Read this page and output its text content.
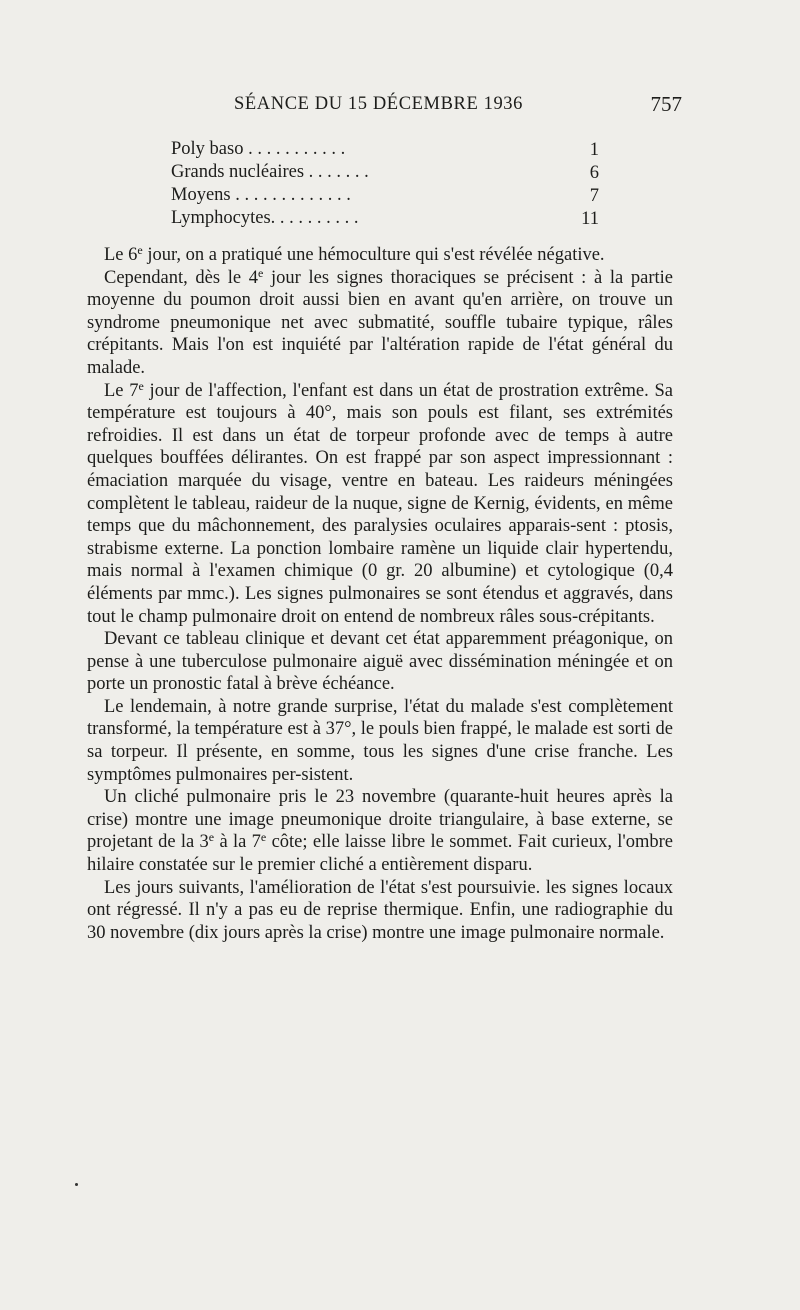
SÉANCE DU 15 DÉCEMBRE 1936	757
Poly baso . . . . . . . . . . .	1
Grands nucléaires . . . . . . .	6
Moyens . . . . . . . . . . . . .	7
Lymphocytes. . . . . . . . . .	11

Le 6e jour, on a pratiqué une hémoculture qui s'est révélée négative.

Cependant, dès le 4e jour les signes thoraciques se précisent : à la partie moyenne du poumon droit aussi bien en avant qu'en arrière, on trouve un syndrome pneumonique net avec submatité, souffle tubaire typique, râles crépitants. Mais l'on est inquiété par l'altération rapide de l'état général du malade.

Le 7e jour de l'affection, l'enfant est dans un état de prostration extrême. Sa température est toujours à 40°, mais son pouls est filant, ses extrémités refroidies. Il est dans un état de torpeur profonde avec de temps à autre quelques bouffées délirantes. On est frappé par son aspect impressionnant : émaciation marquée du visage, ventre en bateau. Les raideurs méningées complètent le tableau, raideur de la nuque, signe de Kernig, évidents, en même temps que du mâchonnement, des paralysies oculaires apparais-sent : ptosis, strabisme externe. La ponction lombaire ramène un liquide clair hypertendu, mais normal à l'examen chimique (0 gr. 20 albumine) et cytologique (0,4 éléments par mmc.). Les signes pulmonaires se sont étendus et aggravés, dans tout le champ pulmonaire droit on entend de nombreux râles sous-crépitants.

Devant ce tableau clinique et devant cet état apparemment préagonique, on pense à une tuberculose pulmonaire aiguë avec dissémination méningée et on porte un pronostic fatal à brève échéance.

Le lendemain, à notre grande surprise, l'état du malade s'est complètement transformé, la température est à 37°, le pouls bien frappé, le malade est sorti de sa torpeur. Il présente, en somme, tous les signes d'une crise franche. Les symptômes pulmonaires per-sistent.

Un cliché pulmonaire pris le 23 novembre (quarante-huit heures après la crise) montre une image pneumonique droite triangulaire, à base externe, se projetant de la 3e à la 7e côte; elle laisse libre le sommet. Fait curieux, l'ombre hilaire constatée sur le premier cliché a entièrement disparu.

Les jours suivants, l'amélioration de l'état s'est poursuivie. les signes locaux ont régressé. Il n'y a pas eu de reprise thermique. Enfin, une radiographie du 30 novembre (dix jours après la crise) montre une image pulmonaire normale.
